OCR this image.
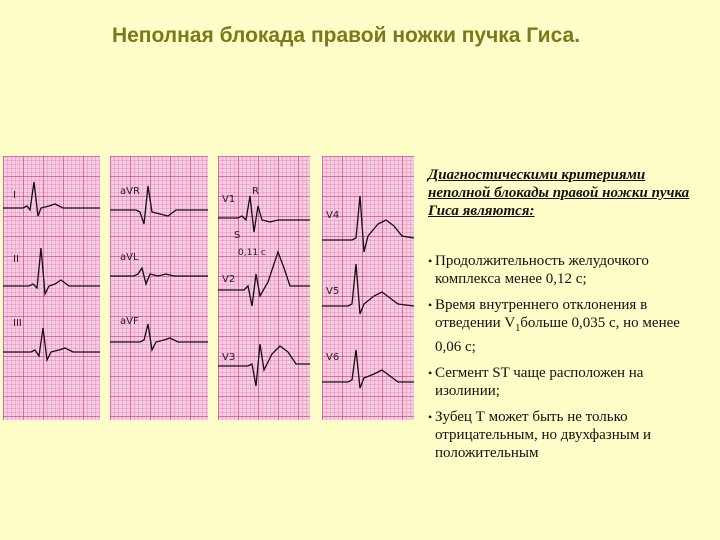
Неполная блокада правой ножки пучка Гиса.
I
II
III
aVR
aVL
aVF
V1
R
S
0,11 c
V2
V3
V4
V5
V6
Диагностическими критериями неполной блокады правой ножки пучка Гиса являются:
• Продолжительность желудочкого комплекса менее 0,12 с;
• Время внутреннего отклонения в отведении $V_1больше$ 0,035 с, но менее 0,06 с;
• Сегмент ST чаще расположен на изолинии;
• Зубец Т может быть не только отрицательным, но двухфазным и положительным
